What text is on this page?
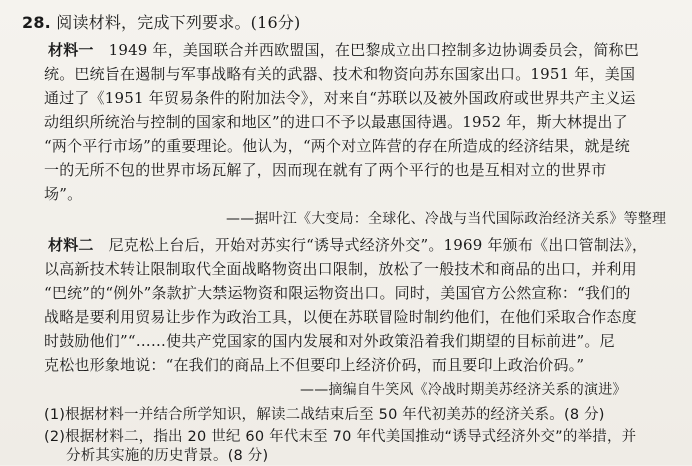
28. 阅读材料，完成下列要求。(16分)
材料一 1949 年，美国联合并西欧盟国，在巴黎成立出口控制多边协调委员会，简称巴
统。巴统旨在遏制与军事战略有关的武器、技术和物资向苏东国家出口。1951 年，美国
通过了《1951 年贸易条件的附加法令》，对来自“苏联以及被外国政府或世界共产主义运
动组织所统治与控制的国家和地区”的进口不予以最惠国待遇。1952 年，斯大林提出了
“两个平行市场”的重要理论。他认为，“两个对立阵营的存在所造成的经济结果，就是统
一的无所不包的世界市场瓦解了，因而现在就有了两个平行的也是互相对立的世界市
场”。
——据叶江《大变局：全球化、冷战与当代国际政治经济关系》等整理
材料二 尼克松上台后，开始对苏实行“诱导式经济外交”。1969 年颁布《出口管制法》，
以高新技术转让限制取代全面战略物资出口限制，放松了一般技术和商品的出口，并利用
“巴统”的“例外”条款扩大禁运物资和限运物资出口。同时，美国官方公然宣称：“我们的
战略是要利用贸易让步作为政治工具，以便在苏联冒险时制约他们，在他们采取合作态度
时鼓励他们”“……使共产党国家的国内发展和对外政策沿着我们期望的目标前进”。尼
克松也形象地说：“在我们的商品上不但要印上经济价码，而且要印上政治价码。”
——摘编自牛笑风《冷战时期美苏经济关系的演进》
(1)根据材料一并结合所学知识，解读二战结束后至 50 年代初美苏的经济关系。(8 分)
(2)根据材料二，指出 20 世纪 60 年代末至 70 年代美国推动“诱导式经济外交”的举措，并
分析其实施的历史背景。(8 分)
